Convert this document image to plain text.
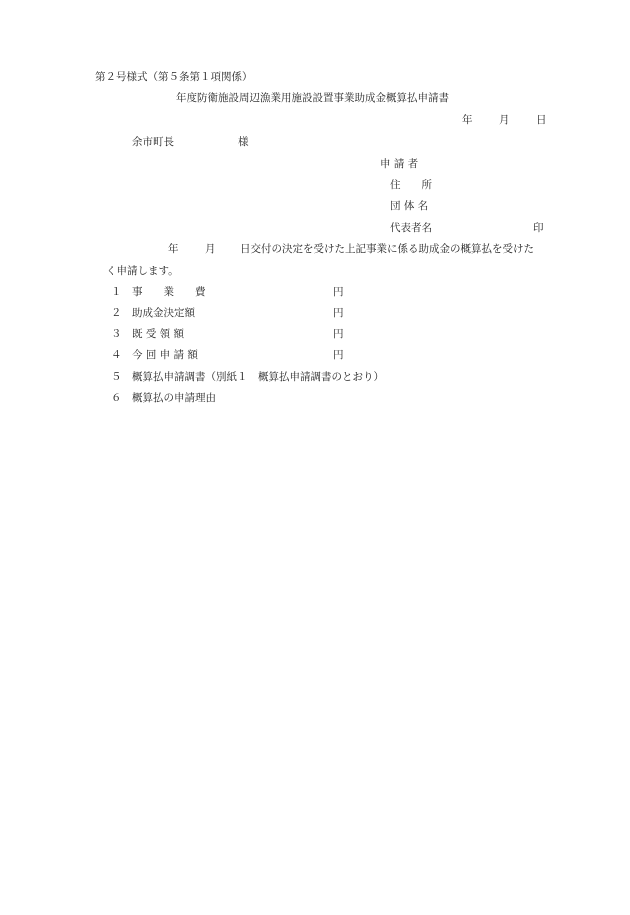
第２号様式（第５条第１項関係）
年度防衛施設周辺漁業用施設設置事業助成金概算払申請書
年	月	日
余市町長	様
申 請 者
住　　所
団 体 名
代表者名	印
年	月 日交付の決定を受けた上記事業に係る助成金の概算払を受けた
く申請します。
１ 事　　業　　費	円
２ 助成金決定額	円
３ 既 受 領 額	円
４ 今 回 申 請 額	円
５ 概算払申請調書（別紙１　概算払申請調書のとおり）
６ 概算払の申請理由
